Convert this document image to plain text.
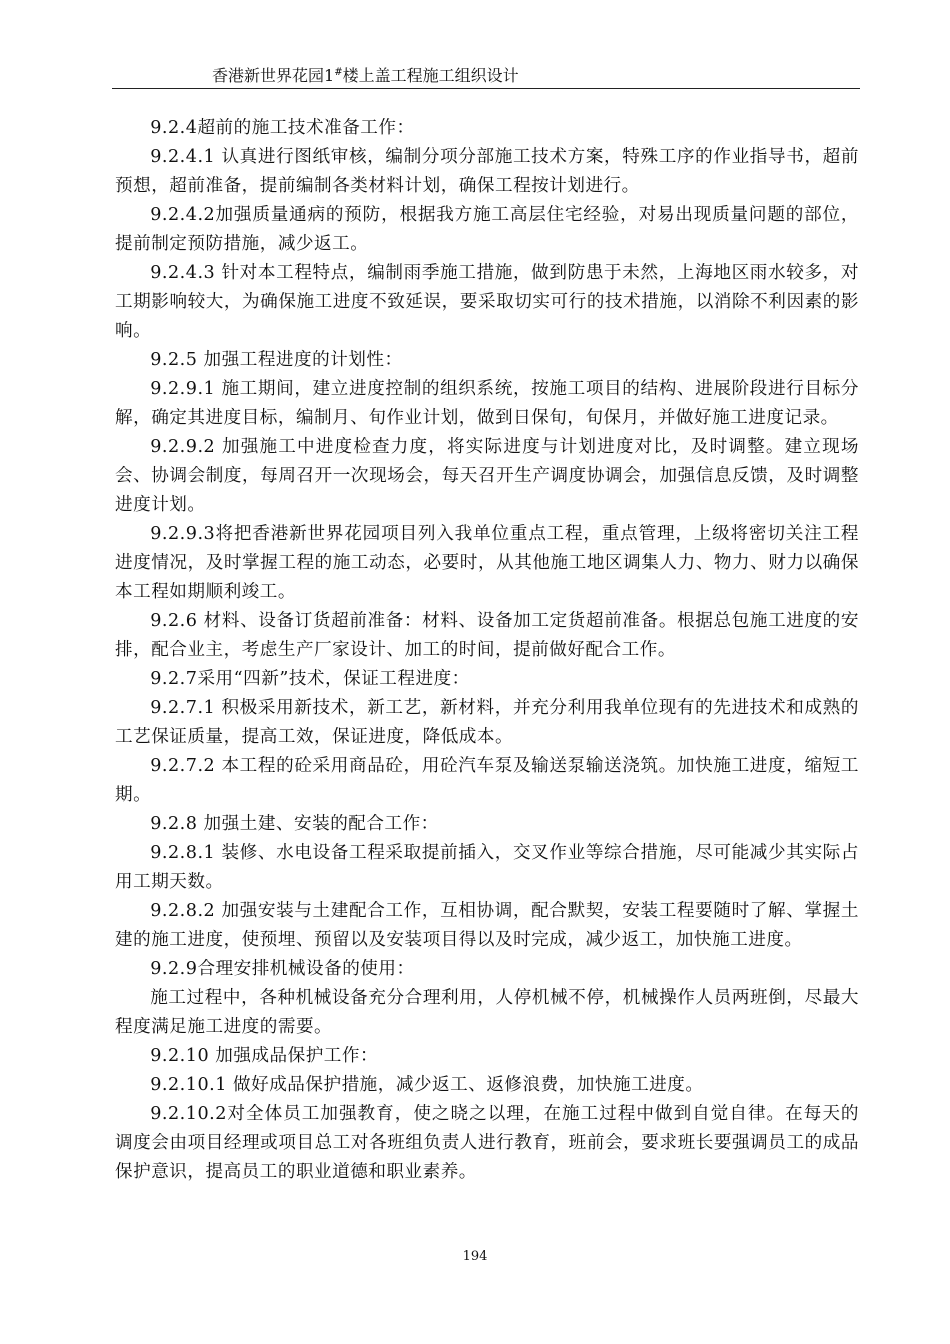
香港新世界花园1#楼上盖工程施工组织设计

9.2.4超前的施工技术准备工作：

9.2.4.1 认真进行图纸审核，编制分项分部施工技术方案，特殊工序的作业指导书，超前预想，超前准备，提前编制各类材料计划，确保工程按计划进行。

9.2.4.2加强质量通病的预防，根据我方施工高层住宅经验，对易出现质量问题的部位，提前制定预防措施，减少返工。

9.2.4.3 针对本工程特点，编制雨季施工措施，做到防患于未然，上海地区雨水较多，对工期影响较大，为确保施工进度不致延误，要采取切实可行的技术措施，以消除不利因素的影响。

9.2.5 加强工程进度的计划性：

9.2.9.1 施工期间，建立进度控制的组织系统，按施工项目的结构、进展阶段进行目标分解，确定其进度目标，编制月、旬作业计划，做到日保旬，旬保月，并做好施工进度记录。

9.2.9.2 加强施工中进度检查力度，将实际进度与计划进度对比，及时调整。建立现场会、协调会制度，每周召开一次现场会，每天召开生产调度协调会，加强信息反馈，及时调整进度计划。

9.2.9.3将把香港新世界花园项目列入我单位重点工程，重点管理，上级将密切关注工程进度情况，及时掌握工程的施工动态，必要时，从其他施工地区调集人力、物力、财力以确保本工程如期顺利竣工。

9.2.6 材料、设备订货超前准备：材料、设备加工定货超前准备。根据总包施工进度的安排，配合业主，考虑生产厂家设计、加工的时间，提前做好配合工作。

9.2.7采用“四新”技术，保证工程进度：

9.2.7.1 积极采用新技术，新工艺，新材料，并充分利用我单位现有的先进技术和成熟的工艺保证质量，提高工效，保证进度，降低成本。

9.2.7.2 本工程的砼采用商品砼，用砼汽车泵及输送泵输送浇筑。加快施工进度，缩短工期。

9.2.8 加强土建、安装的配合工作：

9.2.8.1 装修、水电设备工程采取提前插入，交叉作业等综合措施，尽可能减少其实际占用工期天数。

9.2.8.2 加强安装与土建配合工作，互相协调，配合默契，安装工程要随时了解、掌握土建的施工进度，使预埋、预留以及安装项目得以及时完成，减少返工，加快施工进度。

9.2.9合理安排机械设备的使用：

施工过程中，各种机械设备充分合理利用，人停机械不停，机械操作人员两班倒，尽最大程度满足施工进度的需要。

9.2.10 加强成品保护工作：

9.2.10.1 做好成品保护措施，减少返工、返修浪费，加快施工进度。

9.2.10.2对全体员工加强教育，使之晓之以理，在施工过程中做到自觉自律。在每天的调度会由项目经理或项目总工对各班组负责人进行教育，班前会，要求班长要强调员工的成品保护意识，提高员工的职业道德和职业素养。

194
